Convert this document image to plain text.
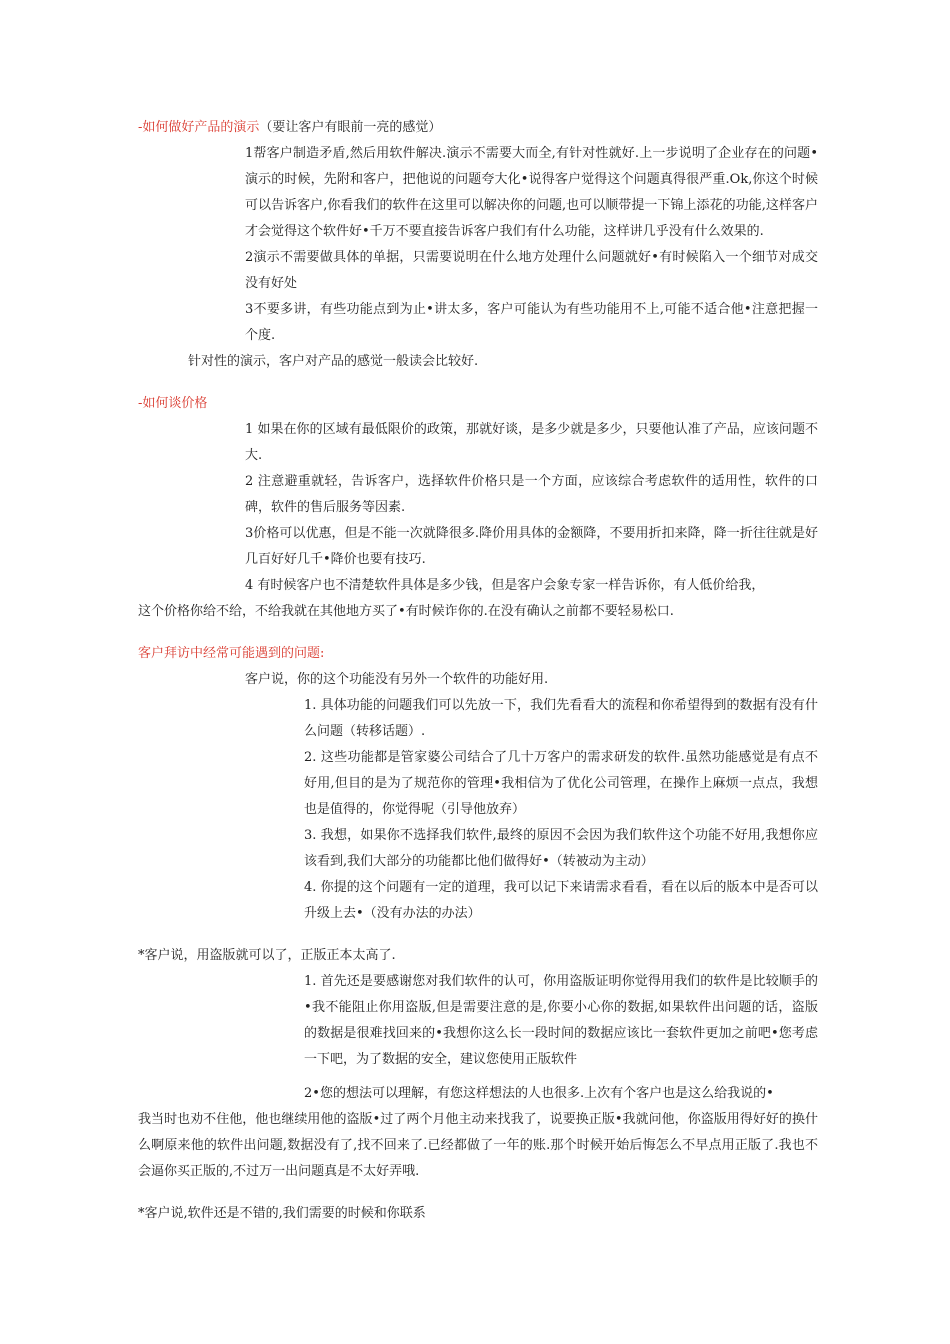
-如何做好产品的演示（要让客户有眼前一亮的感觉）
1帮客户制造矛盾,然后用软件解决.演示不需要大而全,有针对性就好.上一步说明了企业存在的问题•演示的时候，先附和客户，把他说的问题夸大化•说得客户觉得这个问题真得很严重.Ok,你这个时候可以告诉客户,你看我们的软件在这里可以解决你的问题,也可以顺带提一下锦上添花的功能,这样客户才会觉得这个软件好•千万不要直接告诉客户我们有什么功能，这样讲几乎没有什么效果的.
2演示不需要做具体的单据，只需要说明在什么地方处理什么问题就好•有时候陷入一个细节对成交没有好处
3不要多讲，有些功能点到为止•讲太多，客户可能认为有些功能用不上,可能不适合他•注意把握一个度.
针对性的演示，客户对产品的感觉一般读会比较好.
-如何谈价格
1 如果在你的区域有最低限价的政策，那就好谈，是多少就是多少，只要他认准了产品，应该问题不大.
2 注意避重就轻，告诉客户，选择软件价格只是一个方面，应该综合考虑软件的适用性，软件的口碑，软件的售后服务等因素.
3价格可以优惠，但是不能一次就降很多.降价用具体的金额降，不要用折扣来降，降一折往往就是好几百好好几千•降价也要有技巧.
4 有时候客户也不清楚软件具体是多少钱，但是客户会象专家一样告诉你，有人低价给我，
这个价格你给不给，不给我就在其他地方买了•有时候诈你的.在没有确认之前都不要轻易松口.
客户拜访中经常可能遇到的问题:
客户说，你的这个功能没有另外一个软件的功能好用.
1. 具体功能的问题我们可以先放一下，我们先看看大的流程和你希望得到的数据有没有什么问题（转移话题）.
2. 这些功能都是管家婆公司结合了几十万客户的需求研发的软件.虽然功能感觉是有点不好用,但目的是为了规范你的管理•我相信为了优化公司管理，在操作上麻烦一点点，我想也是值得的，你觉得呢（引导他放弃）
3. 我想，如果你不选择我们软件,最终的原因不会因为我们软件这个功能不好用,我想你应该看到,我们大部分的功能都比他们做得好•（转被动为主动）
4. 你提的这个问题有一定的道理，我可以记下来请需求看看，看在以后的版本中是否可以升级上去•（没有办法的办法）
*客户说，用盗版就可以了，正版正本太高了.
1. 首先还是要感谢您对我们软件的认可，你用盗版证明你觉得用我们的软件是比较顺手的•我不能阻止你用盗版,但是需要注意的是,你要小心你的数据,如果软件出问题的话，盗版的数据是很难找回来的•我想你这么长一段时间的数据应该比一套软件更加之前吧•您考虑一下吧，为了数据的安全，建议您使用正版软件
2•您的想法可以理解，有您这样想法的人也很多.上次有个客户也是这么给我说的•
我当时也劝不住他，他也继续用他的盗版•过了两个月他主动来找我了，说要换正版•我就问他，你盗版用得好好的换什么啊原来他的软件出问题,数据没有了,找不回来了.已经都做了一年的账.那个时候开始后悔怎么不早点用正版了.我也不会逼你买正版的,不过万一出问题真是不太好弄哦.
*客户说,软件还是不错的,我们需要的时候和你联系
